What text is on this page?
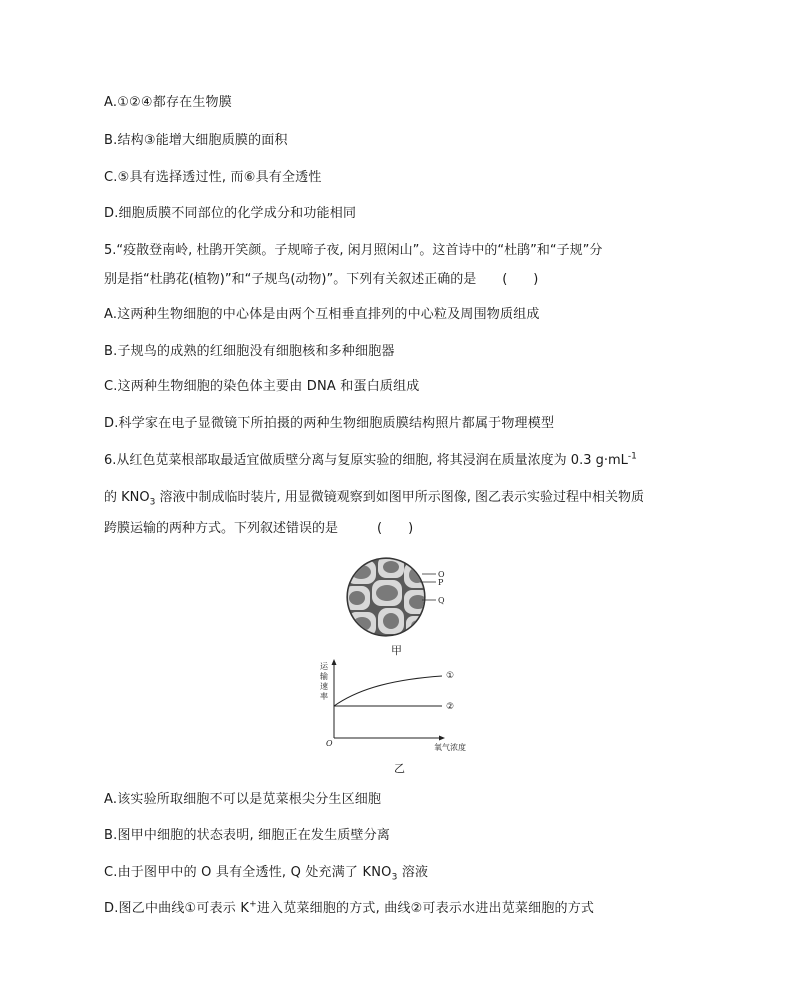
A.①②④都存在生物膜
B.结构③能增大细胞质膜的面积
C.⑤具有选择透过性, 而⑥具有全透性
D.细胞质膜不同部位的化学成分和功能相同
5.“疫散登南岭, 杜鹃开笑颜。子规啼子夜, 闲月照闲山”。这首诗中的“杜鹃”和“子规”分
别是指“杜鹃花(植物)”和“子规鸟(动物)”。下列有关叙述正确的是　　(　　)
A.这两种生物细胞的中心体是由两个互相垂直排列的中心粒及周围物质组成
B.子规鸟的成熟的红细胞没有细胞核和多种细胞器
C.这两种生物细胞的染色体主要由 DNA 和蛋白质组成
D.科学家在电子显微镜下所拍摄的两种生物细胞质膜结构照片都属于物理模型
6.从红色苋菜根部取最适宜做质壁分离与复原实验的细胞, 将其浸润在质量浓度为 0.3 $g\cdot mL^{-1}$
的 $KNO_3$ 溶液中制成临时装片, 用显微镜观察到如图甲所示图像, 图乙表示实验过程中相关物质
跨膜运输的两种方式。下列叙述错误的是　　　(　　)
O
P
Q
甲
运
输
速
率
O	氧气浓度
①
②
乙
A.该实验所取细胞不可以是苋菜根尖分生区细胞
B.图甲中细胞的状态表明, 细胞正在发生质壁分离
C.由于图甲中的 O 具有全透性, Q 处充满了 $KNO_3$ 溶液
D.图乙中曲线①可表示 K+进入苋菜细胞的方式, 曲线②可表示水进出苋菜细胞的方式
